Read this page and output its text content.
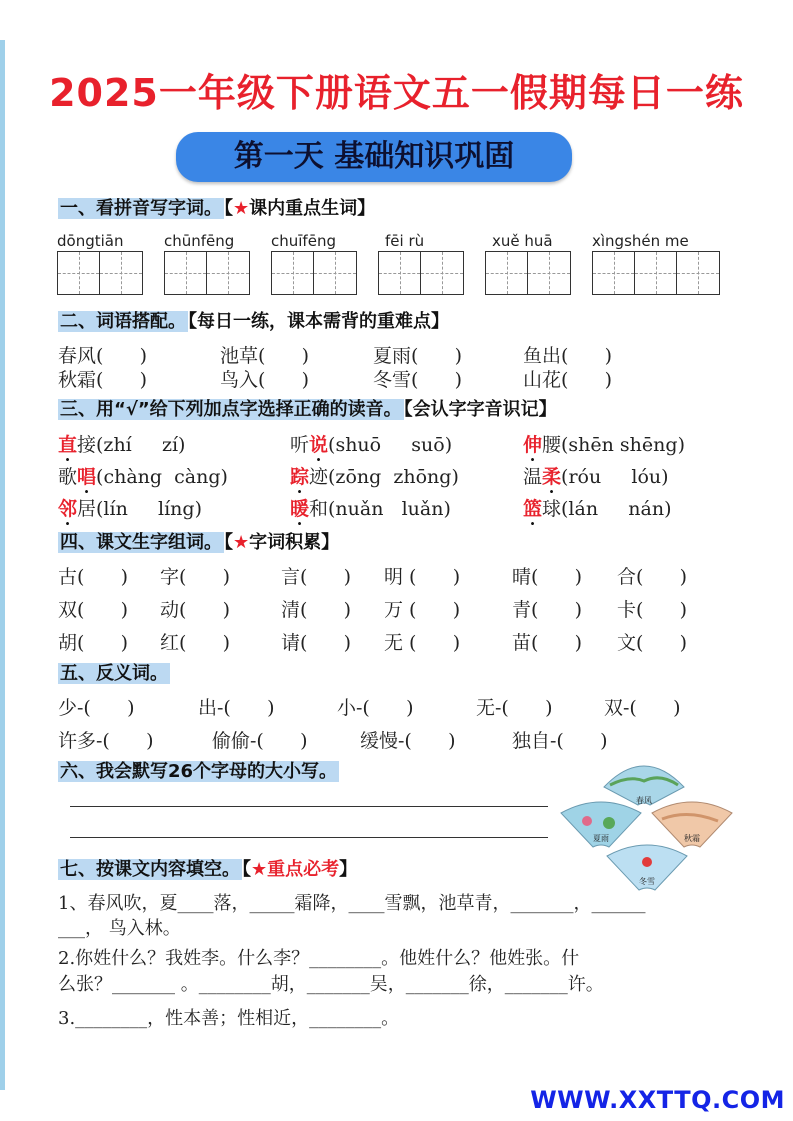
2025一年级下册语文五一假期每日一练
第一天 基础知识巩固
一、看拼音写字词。 【★课内重点生词】
dōngtiān	chūnfēng chuīfēng	fēi rù	xuě huā	xìngshén me
二、词语搭配。 【每日一练，课本需背的重难点】
春风(      )	池草(      )	夏雨(      )	鱼出(      )
秋霜(      )	鸟入(      )	冬雪(      )	山花(      )
三、用“√”给下列加点字选择正确的读音。 【会认字字音识记】
直接(zhí     zí)	听说(shuō     suō)	伸腰(shēn shēng)
歌唱(chàng  càng)	踪迹(zōng  zhōng)	温柔(róu     lóu)
邻居(lín     líng)	暖和(nuǎn   luǎn)	篮球(lán     nán)
四、课文生字组词。 【★字词积累】
古(      ) 字(      )	言(      ) 明 (      )	晴(      ) 合(      )
双(      ) 动(      )	清(      ) 万 (      )	青(      ) 卡(      )
胡(      ) 红(      )	请(      ) 无 (      )	苗(      ) 文(      )
五、反义词。
少-(      )	出-(      )	小-(      )	无-(      )	双-(      )
许多-(      )	偷偷-(      )	缓慢-(      )	独自-(      )
六、我会默写26个字母的大小写。
春风
夏雨	秋霜
冬雪
七、按课文内容填空。 【★重点必考】
1、春风吹，夏____落，_____霜降，____雪飘，池草青，_______，______
___， 鸟入林。
2.你姓什么？我姓李。什么李？________。他姓什么？他姓张。什
么张？_______ 。________胡，_______吴，_______徐，_______许。
3.________，性本善；性相近，________。
WWW.XXTTQ.COM
